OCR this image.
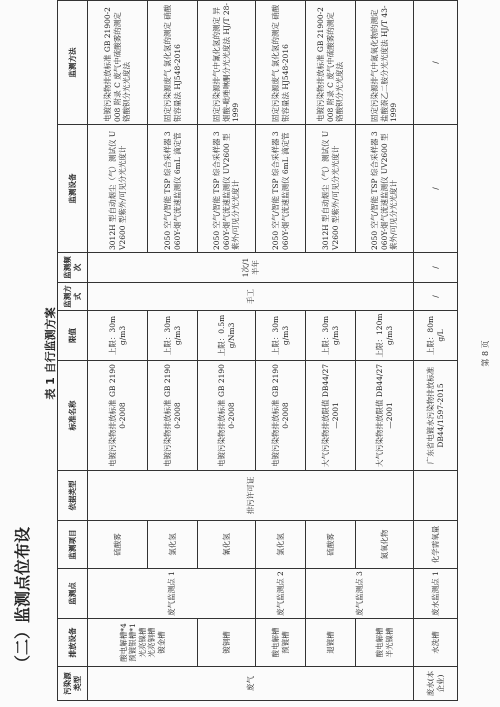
（二）监测点位布设
表 1 自行监测方案
污染源类型	排放设备	监测点	监测项目	依据类型	标准名称	限值	监测方式	监测频次	监测设备	监测方法
废气	酸电解槽*4 预镀银槽*1 光亮镍槽 光亮铜槽 镀金槽	废气监测点 1	硫酸雾	排污许可证	电镀污染物排放标准 GB 21900-2008	上限：30mg/m3	手工	1次/1半年	3012H 型自动烟尘（气）测试仪 UV2600 型紫外/可见分光光度计	电镀污染物排放标准 GB 21900-2008 附录 C 废气中硫酸雾的测定 铬酸钡分光光度法
			氯化氢		电镀污染物排放标准 GB 21900-2008	上限：30mg/m3			2050 空气/智能 TSP 综合采样器 3060Y-烟气流速监测仪 6mL 滴定管	固定污染源废气 氯化氢的测定 硝酸银容量法 HJ548-2016
	镀铜槽		氰化氢		电镀污染物排放标准 GB 21900-2008	上限：0.5mg/Nm3			2050 空气/智能 TSP 综合采样器 3060Y-烟气流速监测仪 UV2600 型紫外/可见分光光度计	固定污染源排气中氰化氢的测定 异烟酸-吡唑啉酮分光光度法 HJ/T 28-1999

	酸电解槽 预镀槽	废气监测点 2	氯化氢		电镀污染物排放标准 GB 21900-2008	上限：30mg/m3			2050 空气/智能 TSP 综合采样器 3060Y-烟气流速监测仪 6mL 滴定管	固定污染源废气 氯化氢的测定 硝酸银容量法 HJ548-2016
	退镀槽	废气监测点 3	硫酸雾		大气污染物排放限值 DB44/27—2001	上限：30mg/m3			3012H 型自动烟尘（气）测试仪 UV2600 型紫外/可见分光光度计	电镀污染物排放标准 GB 21900-2008 附录 C 废气中硫酸雾的测定 铬酸钡分光光度法

	酸电解槽 半光镍槽		氮氧化物		大气污染物排放限值 DB44/27—2001	上限：120mg/m3			2050 空气/智能 TSP 综合采样器 3060Y-烟气流速监测仪 UV2600 型紫外/可见分光光度计	固定污染源排气中氮氧化物的测定 盐酸萘乙二胺分光光度法 HJ/T 43-1999
废水(本企业)	水洗槽	废水监测点 1	化学需氧量		广东省电镀水污染物排放标准 DB44/1597-2015	上限：80mg/L	/	/	/	/
第 8 页
